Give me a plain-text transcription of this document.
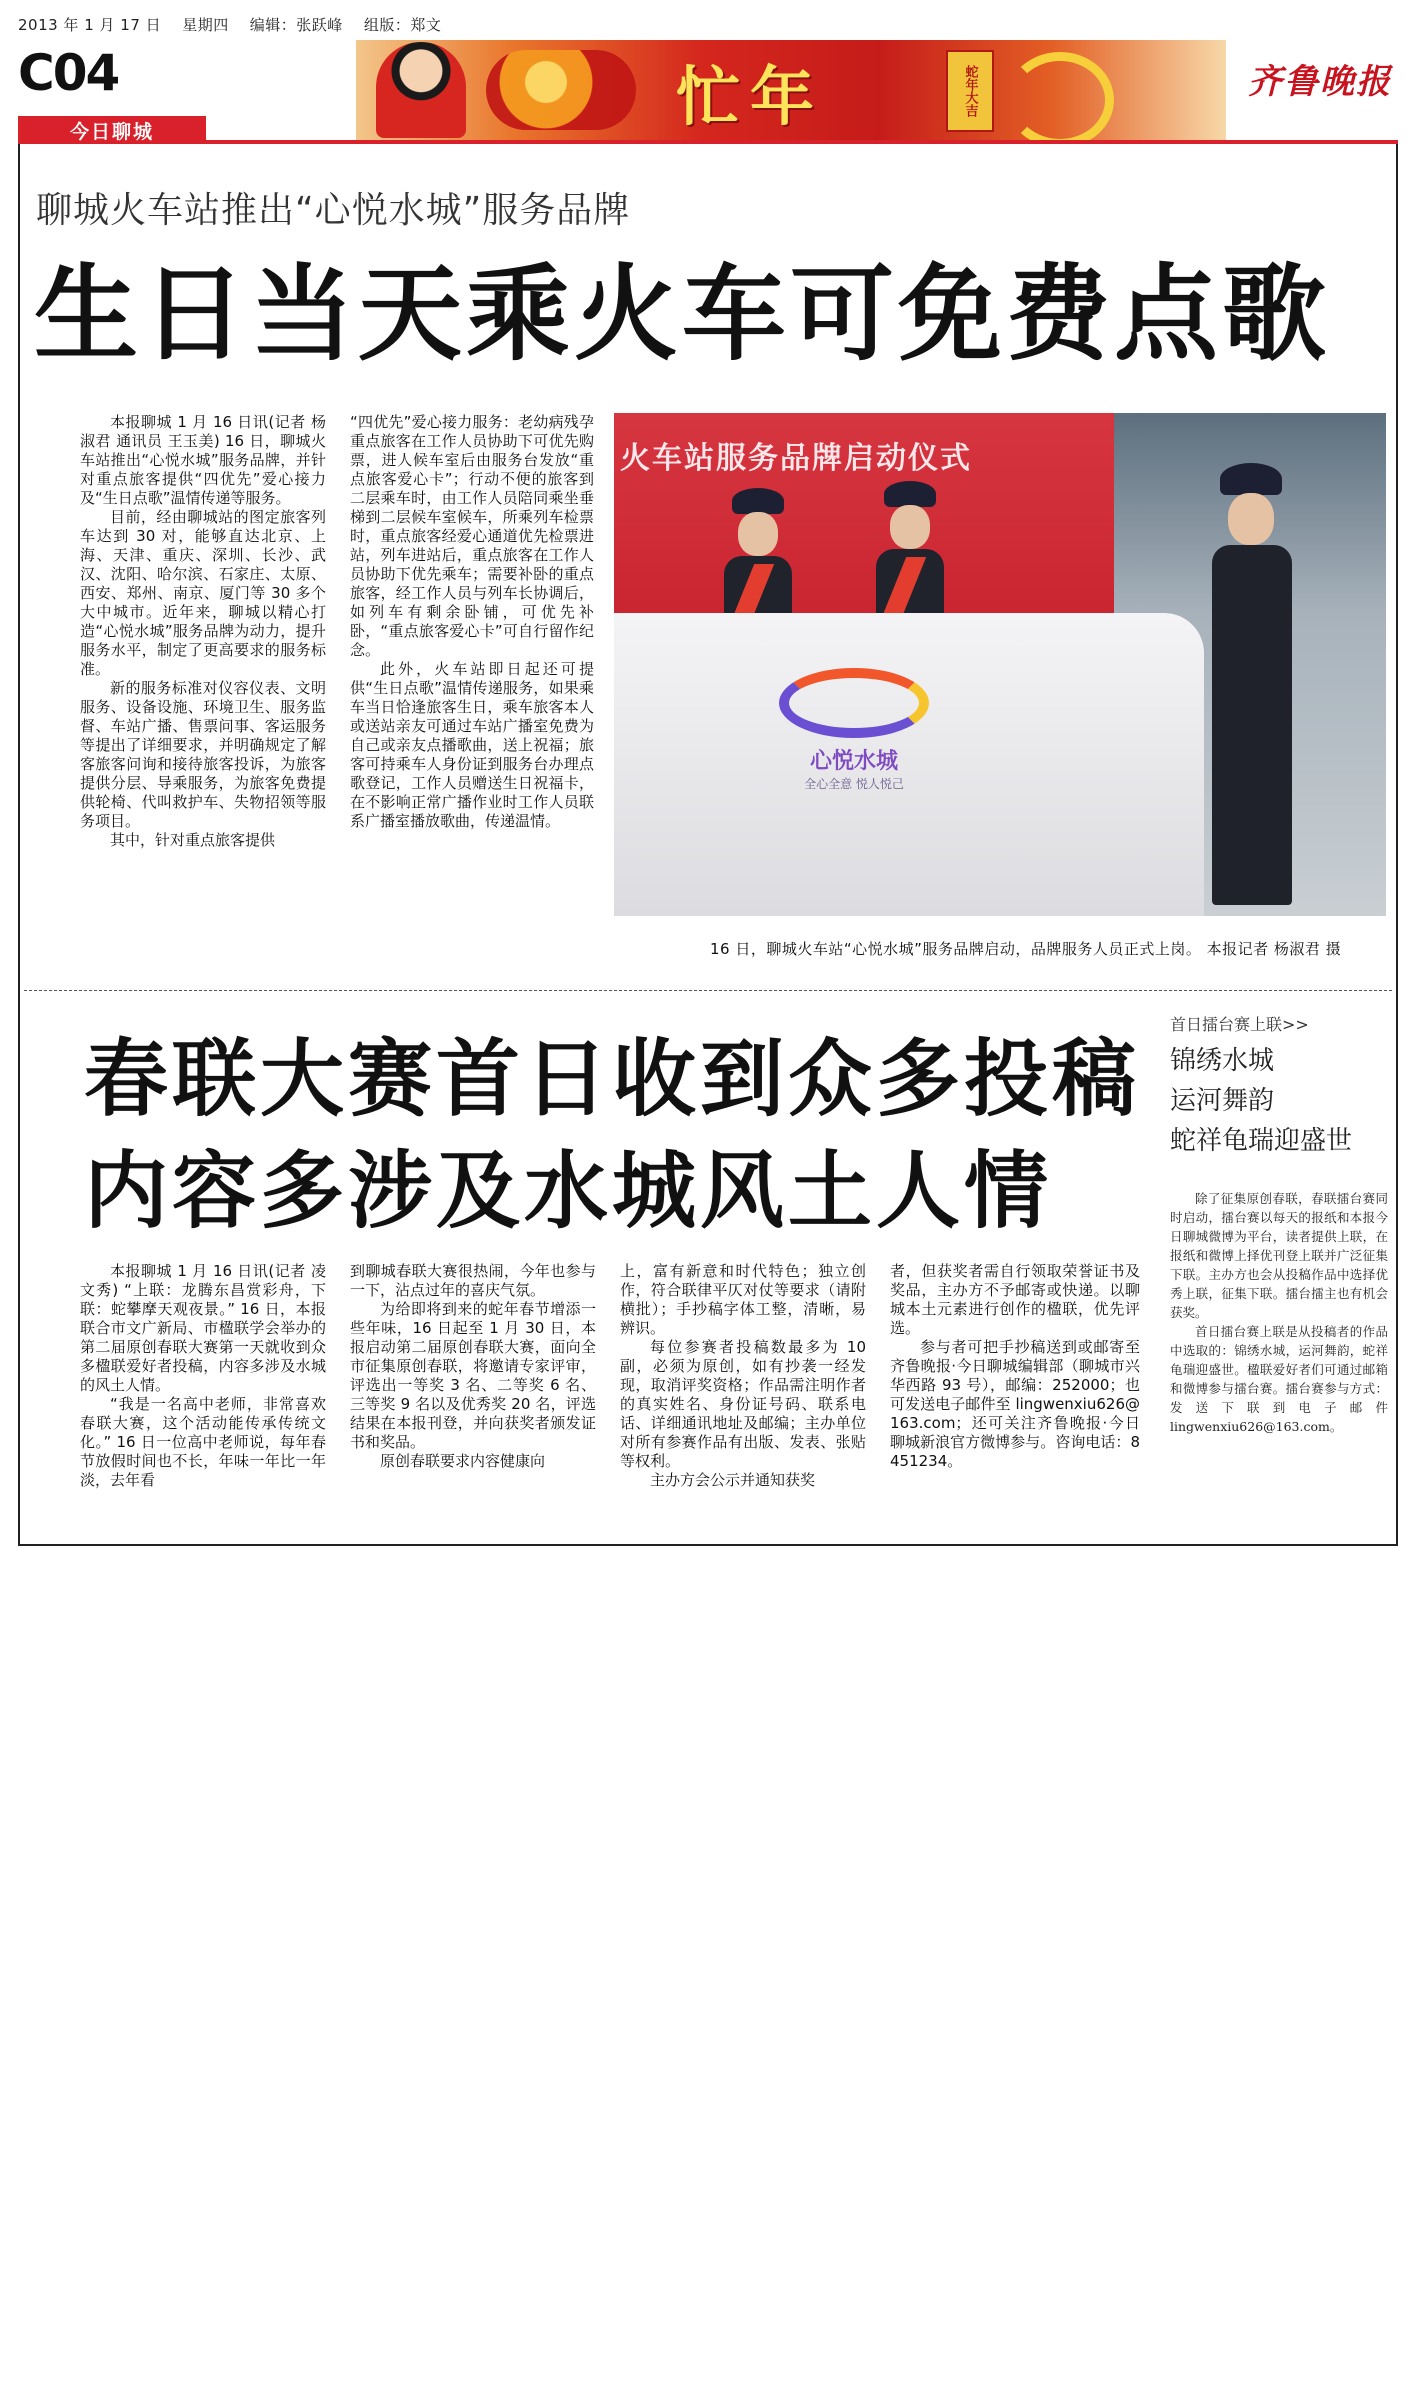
2013 年 1 月 17 日    星期四    编辑：张跃峰    组版：郑文
C04	忙年	蛇年大吉	齐鲁晚报
今日聊城
聊城火车站推出“心悦水城”服务品牌
生日当天乘火车可免费点歌

本报聊城 1 月 16 日讯(记者 杨淑君 通讯员 王玉美) 16 日，聊城火车站推出“心悦水城”服务品牌，并针对重点旅客提供“四优先”爱心接力及“生日点歌”温情传递等服务。

目前，经由聊城站的图定旅客列车达到 30 对，能够直达北京、上海、天津、重庆、深圳、长沙、武汉、沈阳、哈尔滨、石家庄、太原、西安、郑州、南京、厦门等 30 多个大中城市。近年来，聊城以精心打造“心悦水城”服务品牌为动力，提升服务水平，制定了更高要求的服务标准。

新的服务标准对仪容仪表、文明服务、设备设施、环境卫生、服务监督、车站广播、售票问事、客运服务等提出了详细要求，并明确规定了解客旅客问询和接待旅客投诉，为旅客提供分层、导乘服务，为旅客免费提供轮椅、代叫救护车、失物招领等服务项目。

其中，针对重点旅客提供

“四优先”爱心接力服务：老幼病残孕重点旅客在工作人员协助下可优先购票，进人候车室后由服务台发放“重点旅客爱心卡”；行动不便的旅客到二层乘车时，由工作人员陪同乘坐垂梯到二层候车室候车，所乘列车检票时，重点旅客经爱心通道优先检票进站，列车进站后，重点旅客在工作人员协助下优先乘车；需要补卧的重点旅客，经工作人员与列车长协调后，如列车有剩余卧铺，可优先补卧，“重点旅客爱心卡”可自行留作纪念。

此外，火车站即日起还可提供“生日点歌”温情传递服务，如果乘车当日恰逢旅客生日，乘车旅客本人或送站亲友可通过车站广播室免费为自己或亲友点播歌曲，送上祝福；旅客可持乘车人身份证到服务台办理点歌登记，工作人员赠送生日祝福卡，在不影响正常广播作业时工作人员联系广播室播放歌曲，传递温情。

火车站服务品牌启动仪式
心悦水城
全心全意 悦人悦己
16 日，聊城火车站“心悦水城”服务品牌启动，品牌服务人员正式上岗。 本报记者 杨淑君 摄
春联大赛首日收到众多投稿
内容多涉及水城风土人情
首日擂台赛上联>>
锦绣水城
运河舞韵
蛇祥龟瑞迎盛世

除了征集原创春联，春联擂台赛同时启动，擂台赛以每天的报纸和本报今日聊城微博为平台，读者提供上联，在报纸和微博上择优刊登上联并广泛征集下联。主办方也会从投稿作品中选择优秀上联，征集下联。擂台擂主也有机会获奖。

首日擂台赛上联是从投稿者的作品中选取的：锦绣水城，运河舞韵，蛇祥龟瑞迎盛世。楹联爱好者们可通过邮箱和微博参与擂台赛。擂台赛参与方式：发送下联到电子邮件 lingwenxiu626@163.com。

本报聊城 1 月 16 日讯(记者 凌文秀) “上联：龙腾东昌赏彩舟，下联：蛇攀摩天观夜景。” 16 日，本报联合市文广新局、市楹联学会举办的第二届原创春联大赛第一天就收到众多楹联爱好者投稿，内容多涉及水城的风土人情。

“我是一名高中老师，非常喜欢春联大赛，这个活动能传承传统文化。” 16 日一位高中老师说，每年春节放假时间也不长，年味一年比一年淡，去年看

到聊城春联大赛很热闹，今年也参与一下，沾点过年的喜庆气氛。

为给即将到来的蛇年春节增添一些年味，16 日起至 1 月 30 日，本报启动第二届原创春联大赛，面向全市征集原创春联，将邀请专家评审，评选出一等奖 3 名、二等奖 6 名、三等奖 9 名以及优秀奖 20 名，评选结果在本报刊登，并向获奖者颁发证书和奖品。

原创春联要求内容健康向

上，富有新意和时代特色；独立创作，符合联律平仄对仗等要求（请附横批）；手抄稿字体工整，清晰，易辨识。

每位参赛者投稿数最多为 10 副，必须为原创，如有抄袭一经发现，取消评奖资格；作品需注明作者的真实姓名、身份证号码、联系电话、详细通讯地址及邮编；主办单位对所有参赛作品有出版、发表、张贴等权利。

主办方会公示并通知获奖

者，但获奖者需自行领取荣誉证书及奖品，主办方不予邮寄或快递。以聊城本土元素进行创作的楹联，优先评选。

参与者可把手抄稿送到或邮寄至齐鲁晚报·今日聊城编辑部（聊城市兴华西路 93 号），邮编：252000；也可发送电子邮件至 lingwenxiu626@163.com；还可关注齐鲁晚报·今日聊城新浪官方微博参与。咨询电话：8451234。
